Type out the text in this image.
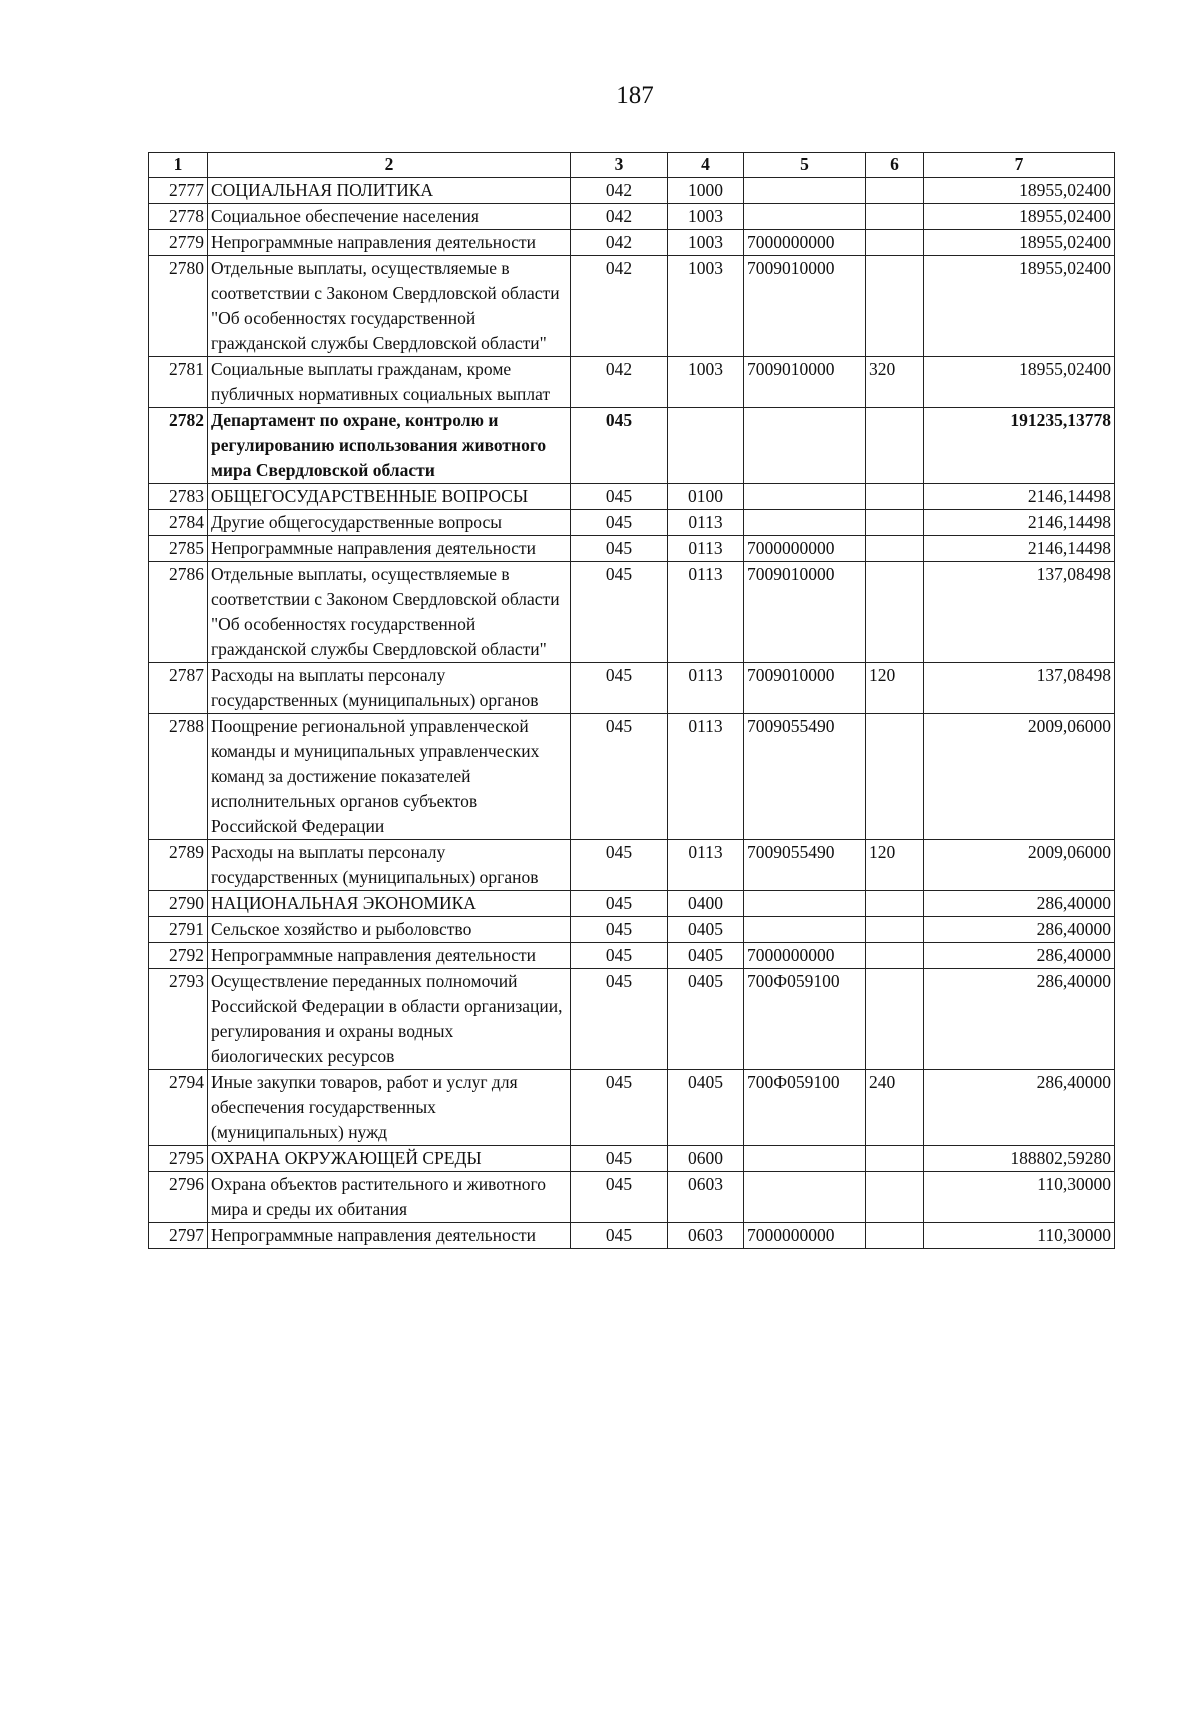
187
1	2	3	4	5	6	7
2777	СОЦИАЛЬНАЯ ПОЛИТИКА	042	1000			18955,02400
2778	Социальное обеспечение населения	042	1003			18955,02400
2779	Непрограммные направления деятельности	042	1003	7000000000		18955,02400
2780	Отдельные выплаты, осуществляемые в соответствии с Законом Свердловской области "Об особенностях государственной гражданской службы Свердловской области"	042	1003	7009010000		18955,02400
2781	Социальные выплаты гражданам, кроме публичных нормативных социальных выплат	042	1003	7009010000	320	18955,02400
2782	Департамент по охране, контролю и регулированию использования животного мира Свердловской области	045				191235,13778
2783	ОБЩЕГОСУДАРСТВЕННЫЕ ВОПРОСЫ	045	0100			2146,14498
2784	Другие общегосударственные вопросы	045	0113			2146,14498
2785	Непрограммные направления деятельности	045	0113	7000000000		2146,14498
2786	Отдельные выплаты, осуществляемые в соответствии с Законом Свердловской области "Об особенностях государственной гражданской службы Свердловской области"	045	0113	7009010000		137,08498
2787	Расходы на выплаты персоналу государственных (муниципальных) органов	045	0113	7009010000	120	137,08498
2788	Поощрение региональной управленческой команды и муниципальных управленческих команд за достижение показателей исполнительных органов субъектов Российской Федерации	045	0113	7009055490		2009,06000
2789	Расходы на выплаты персоналу государственных (муниципальных) органов	045	0113	7009055490	120	2009,06000
2790	НАЦИОНАЛЬНАЯ ЭКОНОМИКА	045	0400			286,40000
2791	Сельское хозяйство и рыболовство	045	0405			286,40000
2792	Непрограммные направления деятельности	045	0405	7000000000		286,40000
2793	Осуществление переданных полномочий Российской Федерации в области организации, регулирования и охраны водных биологических ресурсов	045	0405	700Ф059100		286,40000
2794	Иные закупки товаров, работ и услуг для обеспечения государственных (муниципальных) нужд	045	0405	700Ф059100	240	286,40000
2795	ОХРАНА ОКРУЖАЮЩЕЙ СРЕДЫ	045	0600			188802,59280
2796	Охрана объектов растительного и животного мира и среды их обитания	045	0603			110,30000
2797	Непрограммные направления деятельности	045	0603	7000000000		110,30000
